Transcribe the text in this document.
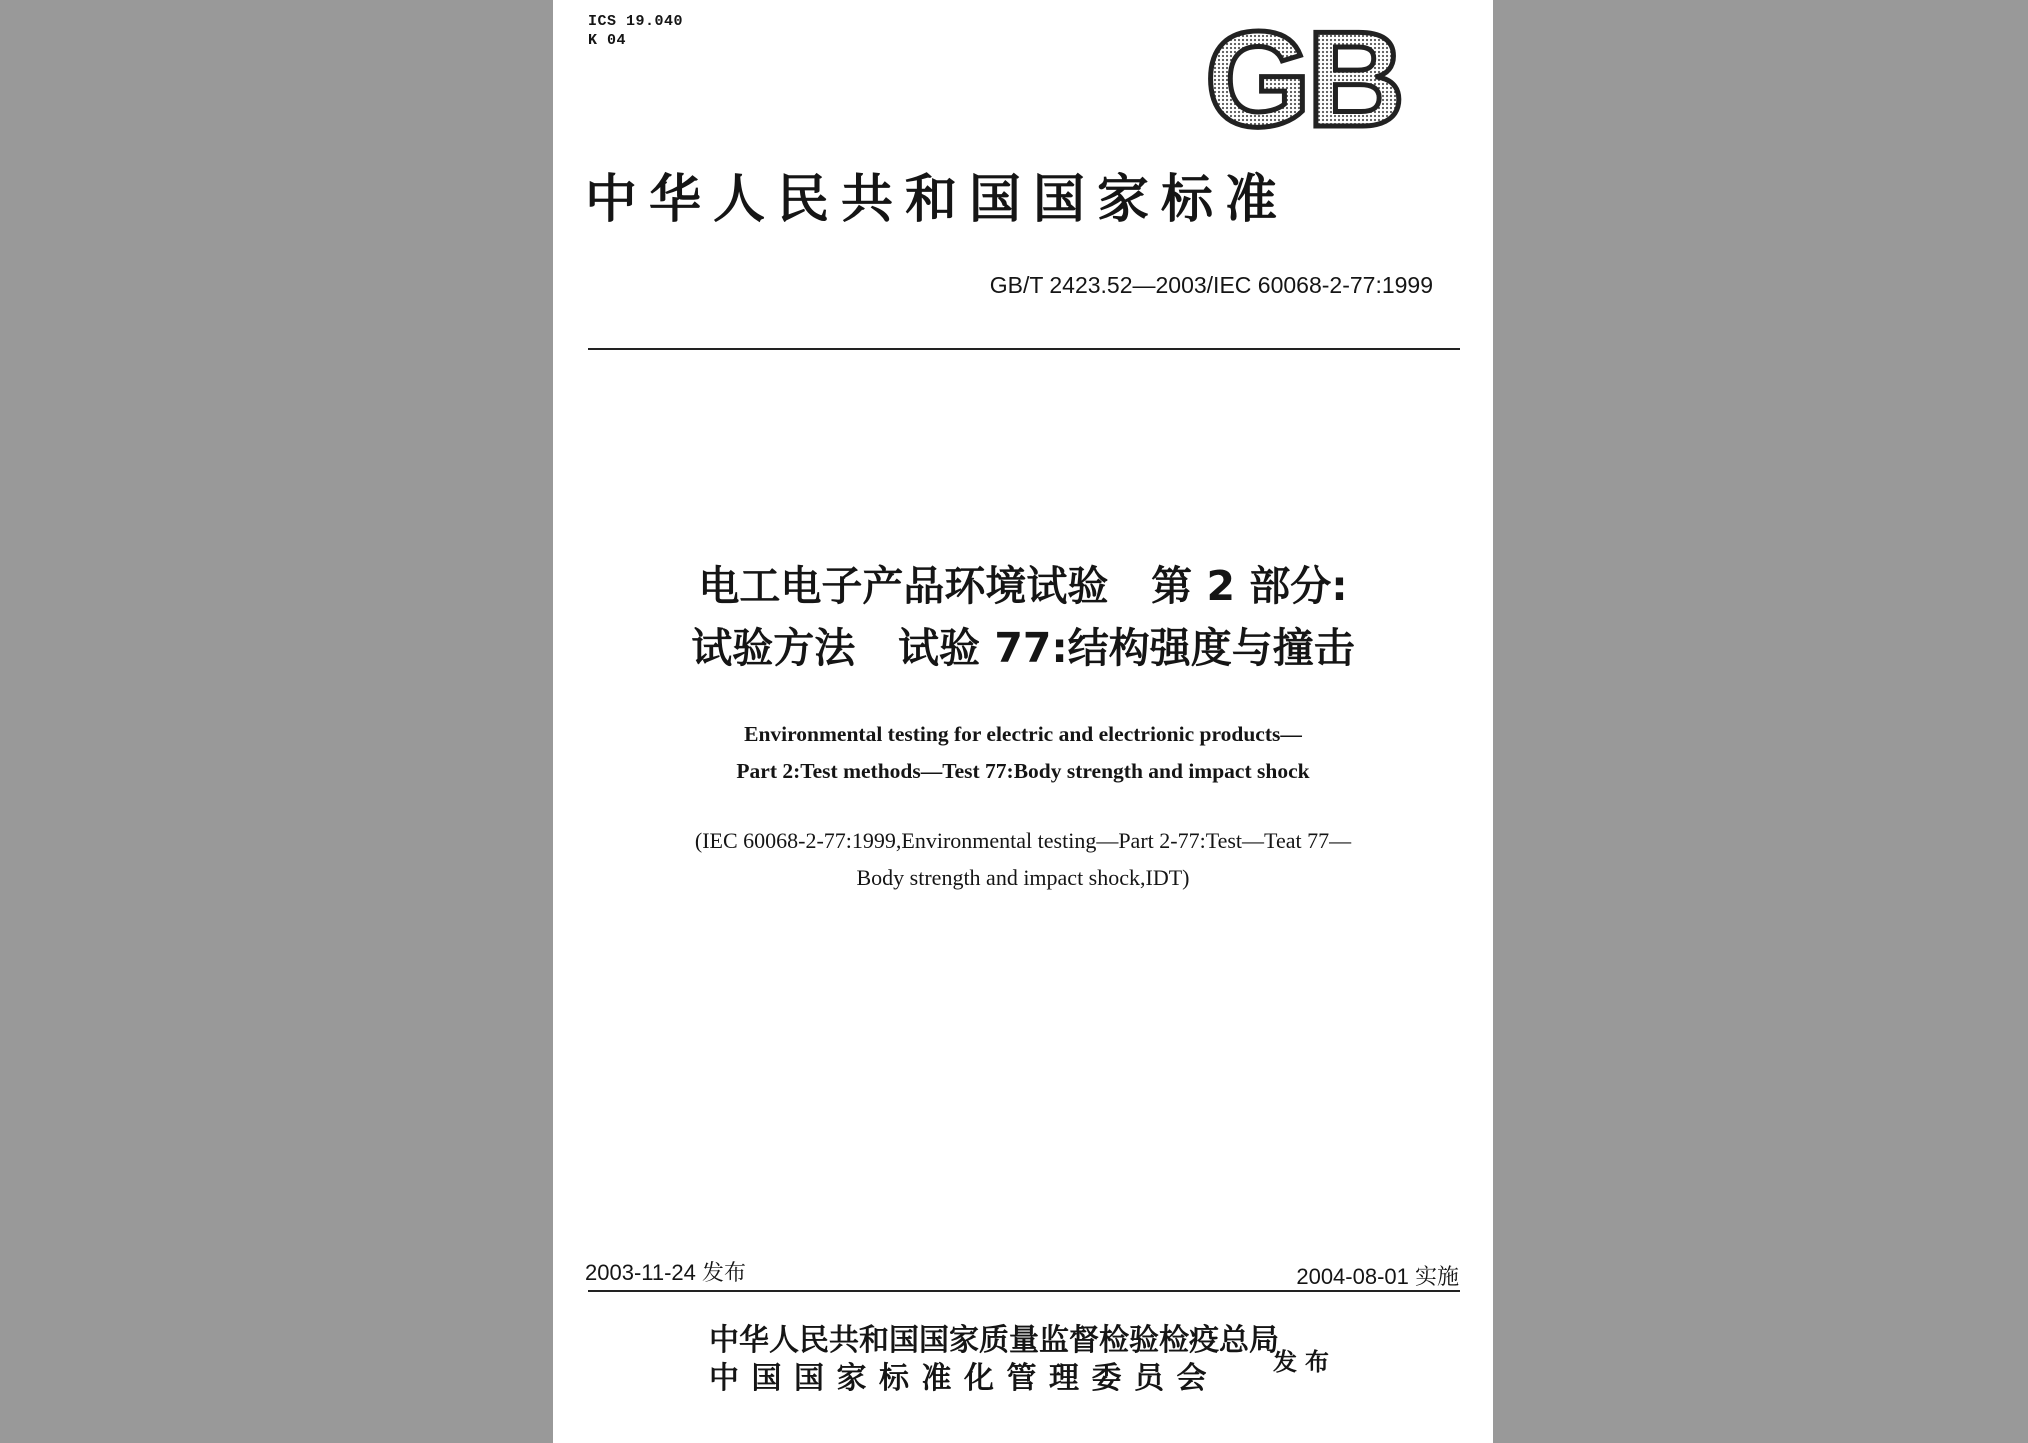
ICS 19.040
K 04	GB
中华人民共和国国家标准
GB/T 2423.52—2003/IEC 60068-2-77:1999
电工电子产品环境试验   第 2 部分:
试验方法   试验 77:结构强度与撞击
Environmental testing for electric and electrionic products—
Part 2:Test methods—Test 77:Body strength and impact shock
(IEC 60068-2-77:1999,Environmental testing—Part 2-77:Test—Teat 77—
Body strength and impact shock,IDT)
2003-11-24 发布	2004-08-01 实施
中华人民共和国国家质量监督检验检疫总局
中国国家标准化管理委员会	发布
